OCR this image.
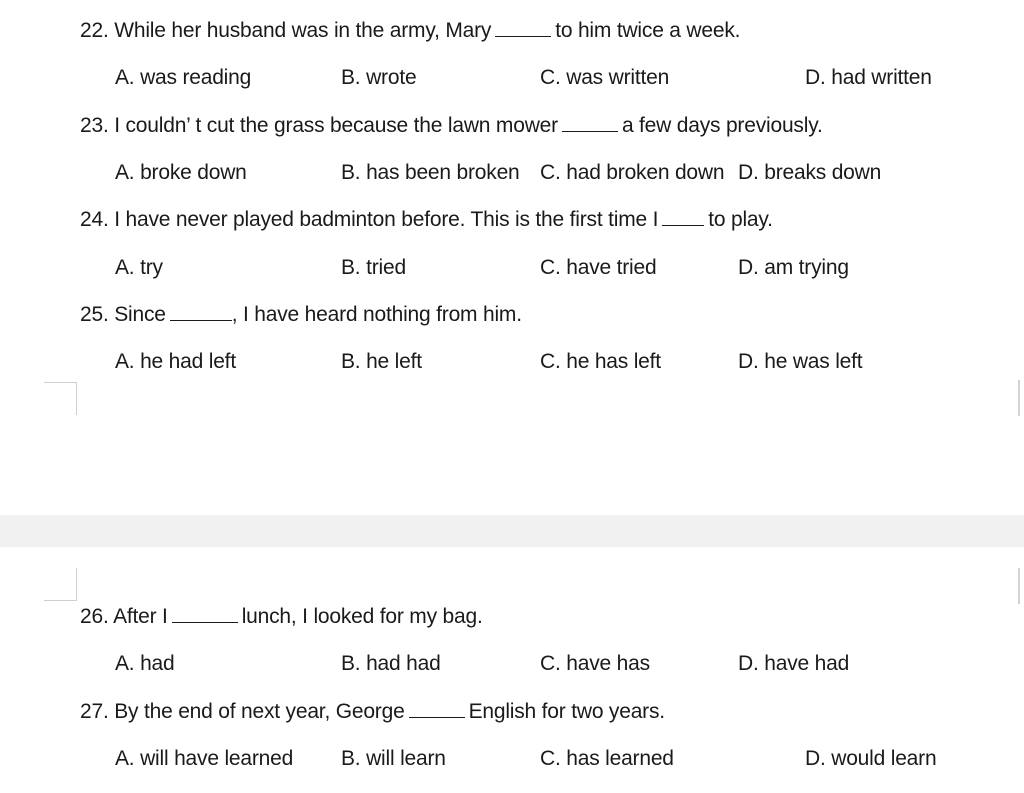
22. While her husband was in the army, Mary	to him twice a week.
A. was reading	B. wrote	C. was written	D. had written
23. I couldn’ t cut the grass because the lawn mower	a few days previously.
A. broke down	B. has been broken C. had broken down D. breaks down
24. I have never played badminton before. This is the first time I to play.
A. try	B. tried	C. have tried	D. am trying
25. Since	, I have heard nothing from him.
A. he had left	B. he left	C. he has left	D. he was left
26. After I	lunch, I looked for my bag.
A. had	B. had had	C. have has	D. have had
27. By the end of next year, George	English for two years.
A. will have learned B. will learn	C. has learned	D. would learn
